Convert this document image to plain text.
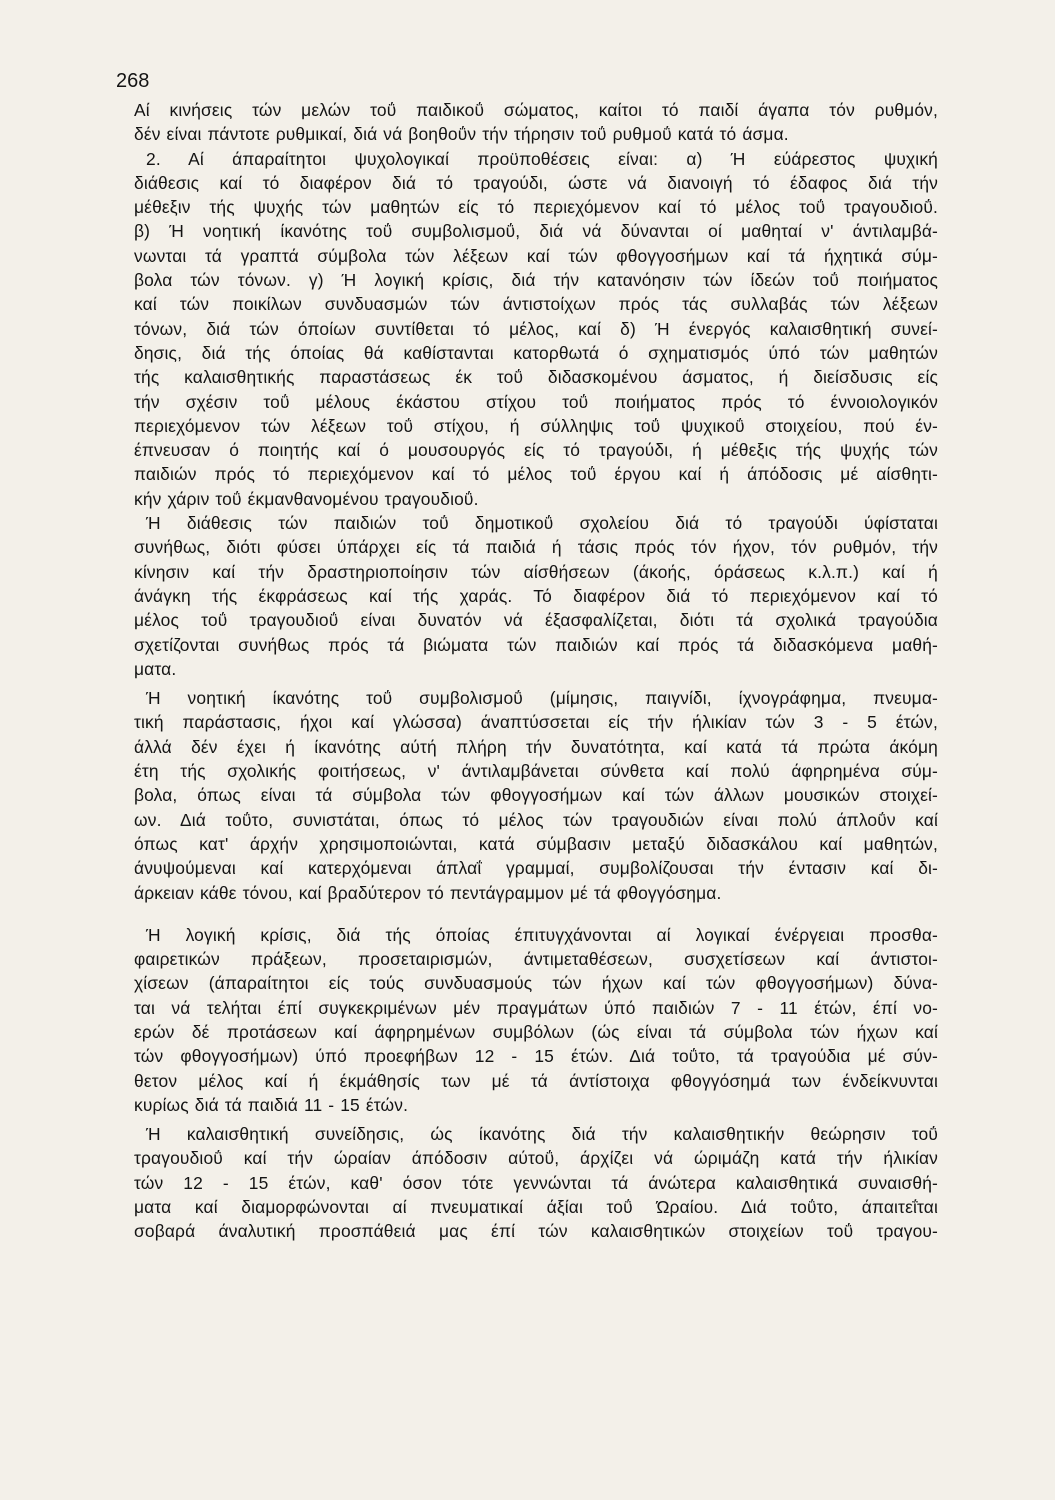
268
Αί κινήσεις τών μελών τοΰ παιδικοΰ σώματος, καίτοι τό παιδί άγαπα τόν ρυθμόν,
δέν είναι πάντοτε ρυθμικαί, διά νά βοηθοΰν τήν τήρησιν τοΰ ρυθμοΰ κατά τό άσμα.
2. Αί άπαραίτητοι ψυχολογικαί προϋποθέσεις είναι: α) Ή εύάρεστος ψυχική
διάθεσις καί τό διαφέρον διά τό τραγούδι, ώστε νά διανοιγή τό έδαφος διά τήν
μέθεξιν τής ψυχής τών μαθητών είς τό περιεχόμενον καί τό μέλος τοΰ τραγουδιοΰ.
β) Ή νοητική ίκανότης τοΰ συμβολισμοΰ, διά νά δύνανται οί μαθηταί ν' άντιλαμβά-
νωνται τά γραπτά σύμβολα τών λέξεων καί τών φθογγοσήμων καί τά ήχητικά σύμ-
βολα τών τόνων. γ) Ή λογική κρίσις, διά τήν κατανόησιν τών ίδεών τοΰ ποιήματος
καί τών ποικίλων συνδυασμών τών άντιστοίχων πρός τάς συλλαβάς τών λέξεων
τόνων, διά τών όποίων συντίθεται τό μέλος, καί δ) Ή ένεργός καλαισθητική συνεί-
δησις, διά τής όποίας θά καθίστανται κατορθωτά ό σχηματισμός ύπό τών μαθητών
τής καλαισθητικής παραστάσεως έκ τοΰ διδασκομένου άσματος, ή διείσδυσις είς
τήν σχέσιν τοΰ μέλους έκάστου στίχου τοΰ ποιήματος πρός τό έννοιολογικόν
περιεχόμενον τών λέξεων τοΰ στίχου, ή σύλληψις τοΰ ψυχικοΰ στοιχείου, πού έν-
έπνευσαν ό ποιητής καί ό μουσουργός είς τό τραγούδι, ή μέθεξις τής ψυχής τών
παιδιών πρός τό περιεχόμενον καί τό μέλος τοΰ έργου καί ή άπόδοσις μέ αίσθητι-
κήν χάριν τοΰ έκμανθανομένου τραγουδιοΰ.
Ή διάθεσις τών παιδιών τοΰ δημοτικοΰ σχολείου διά τό τραγούδι ύφίσταται
συνήθως, διότι φύσει ύπάρχει είς τά παιδιά ή τάσις πρός τόν ήχον, τόν ρυθμόν, τήν
κίνησιν καί τήν δραστηριοποίησιν τών αίσθήσεων (άκοής, όράσεως κ.λ.π.) καί ή
άνάγκη τής έκφράσεως καί τής χαράς. Τό διαφέρον διά τό περιεχόμενον καί τό
μέλος τοΰ τραγουδιοΰ είναι δυνατόν νά έξασφαλίζεται, διότι τά σχολικά τραγούδια
σχετίζονται συνήθως πρός τά βιώματα τών παιδιών καί πρός τά διδασκόμενα μαθή-
ματα.
Ή νοητική ίκανότης τοΰ συμβολισμοΰ (μίμησις, παιγνίδι, ίχνογράφημα, πνευμα-
τική παράστασις, ήχοι καί γλώσσα) άναπτύσσεται είς τήν ήλικίαν τών 3 - 5 έτών,
άλλά δέν έχει ή ίκανότης αύτή πλήρη τήν δυνατότητα, καί κατά τά πρώτα άκόμη
έτη τής σχολικής φοιτήσεως, ν' άντιλαμβάνεται σύνθετα καί πολύ άφηρημένα σύμ-
βολα, όπως είναι τά σύμβολα τών φθογγοσήμων καί τών άλλων μουσικών στοιχεί-
ων. Διά τοΰτο, συνιστάται, όπως τό μέλος τών τραγουδιών είναι πολύ άπλοΰν καί
όπως κατ' άρχήν χρησιμοποιώνται, κατά σύμβασιν μεταξύ διδασκάλου καί μαθητών,
άνυψούμεναι καί κατερχόμεναι άπλαΐ γραμμαί, συμβολίζουσαι τήν έντασιν καί δι-
άρκειαν κάθε τόνου, καί βραδύτερον τό πεντάγραμμον μέ τά φθογγόσημα.
Ή λογική κρίσις, διά τής όποίας έπιτυγχάνονται αί λογικαί ένέργειαι προσθα-
φαιρετικών πράξεων, προσεταιρισμών, άντιμεταθέσεων, συσχετίσεων καί άντιστοι-
χίσεων (άπαραίτητοι είς τούς συνδυασμούς τών ήχων καί τών φθογγοσήμων) δύνα-
ται νά τελήται έπί συγκεκριμένων μέν πραγμάτων ύπό παιδιών 7 - 11 έτών, έπί νο-
ερών δέ προτάσεων καί άφηρημένων συμβόλων (ώς είναι τά σύμβολα τών ήχων καί
τών φθογγοσήμων) ύπό προεφήβων 12 - 15 έτών. Διά τοΰτο, τά τραγούδια μέ σύν-
θετον μέλος καί ή έκμάθησίς των μέ τά άντίστοιχα φθογγόσημά των ένδείκνυνται
κυρίως διά τά παιδιά 11 - 15 έτών.
Ή καλαισθητική συνείδησις, ώς ίκανότης διά τήν καλαισθητικήν θεώρησιν τοΰ
τραγουδιοΰ καί τήν ώραίαν άπόδοσιν αύτοΰ, άρχίζει νά ώριμάζη κατά τήν ήλικίαν
τών 12 - 15 έτών, καθ' όσον τότε γεννώνται τά άνώτερα καλαισθητικά συναισθή-
ματα καί διαμορφώνονται αί πνευματικαί άξίαι τοΰ Ώραίου. Διά τοΰτο, άπαιτεΐται
σοβαρά άναλυτική προσπάθειά μας έπί τών καλαισθητικών στοιχείων τοΰ τραγου-
